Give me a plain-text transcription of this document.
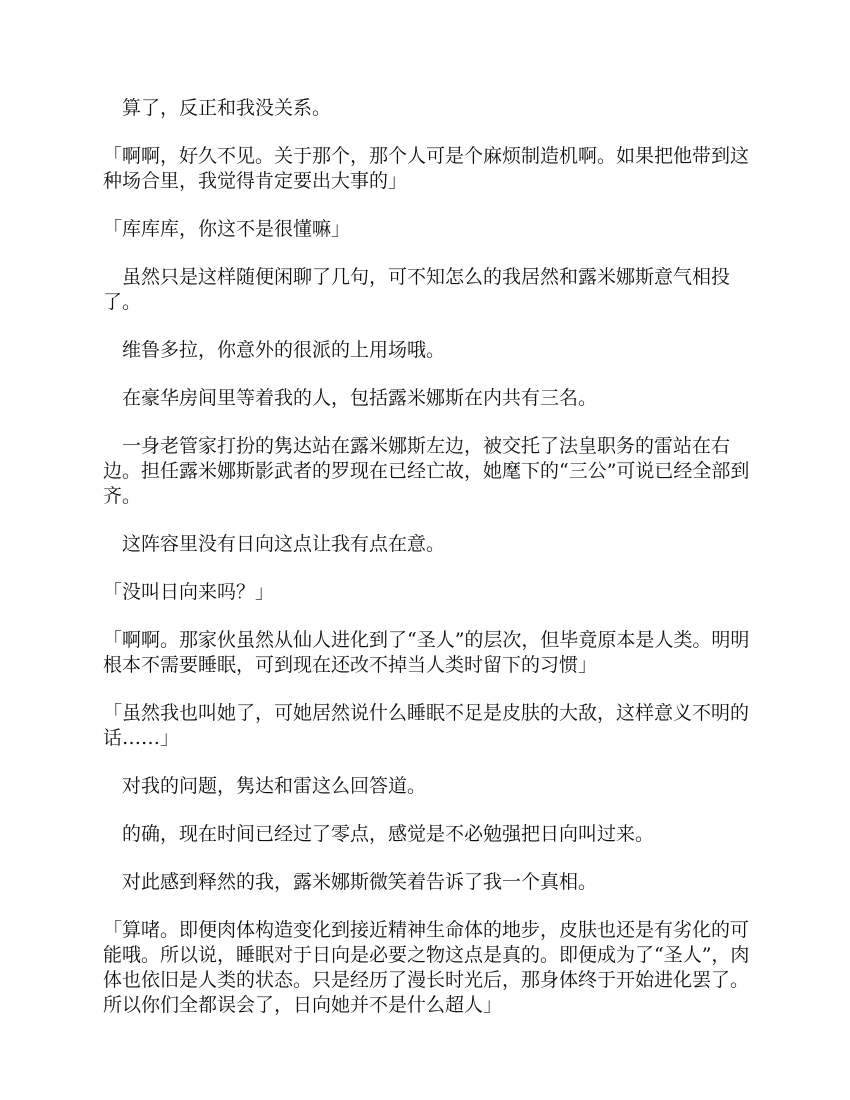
　算了，反正和我没关系。

「啊啊，好久不见。关于那个，那个人可是个麻烦制造机啊。如果把他带到这种场合里，我觉得肯定要出大事的」

「库库库，你这不是很懂嘛」

　虽然只是这样随便闲聊了几句，可不知怎么的我居然和露米娜斯意气相投了。

　维鲁多拉，你意外的很派的上用场哦。

　在豪华房间里等着我的人，包括露米娜斯在内共有三名。

　一身老管家打扮的隽达站在露米娜斯左边，被交托了法皇职务的雷站在右边。担任露米娜斯影武者的罗现在已经亡故，她麾下的“三公”可说已经全部到齐。

　这阵容里没有日向这点让我有点在意。

「没叫日向来吗？」

「啊啊。那家伙虽然从仙人进化到了“圣人”的层次，但毕竟原本是人类。明明根本不需要睡眠，可到现在还改不掉当人类时留下的习惯」

「虽然我也叫她了，可她居然说什么睡眠不足是皮肤的大敌，这样意义不明的话……」

　对我的问题，隽达和雷这么回答道。

　的确，现在时间已经过了零点，感觉是不必勉强把日向叫过来。

　对此感到释然的我，露米娜斯微笑着告诉了我一个真相。

「算啫。即便肉体构造变化到接近精神生命体的地步，皮肤也还是有劣化的可能哦。所以说，睡眠对于日向是必要之物这点是真的。即便成为了“圣人”，肉体也依旧是人类的状态。只是经历了漫长时光后，那身体终于开始进化罢了。所以你们全都误会了，日向她并不是什么超人」
